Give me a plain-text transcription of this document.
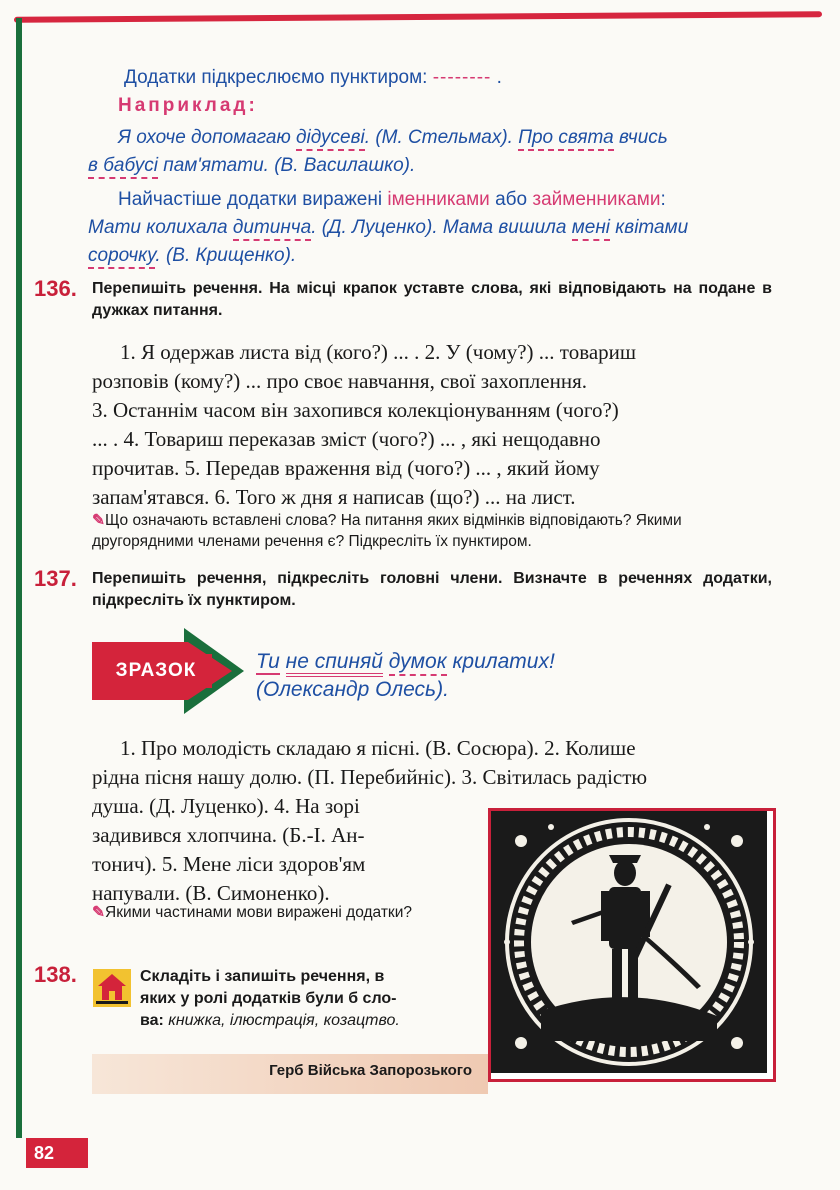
Додатки підкреслюємо пунктиром: -------- .
Наприклад:
Я охоче допомагаю дідусеві. (М. Стельмах). Про свята вчись
в бабусі пам'ятати. (В. Василашко).
Найчастіше додатки виражені іменниками або займенниками:
Мати колихала дитинча. (Д. Луценко). Мама вишила мені квітами
сорочку. (В. Крищенко).
136. Перепишіть речення. На місці крапок уставте слова, які відповідають на подане в дужках питання.
1. Я одержав листа від (кого?) ... . 2. У (чому?) ... товариш
розповів (кому?) ... про своє навчання, свої захоплення.
3. Останнім часом він захопився колекціонуванням (чого?)
... . 4. Товариш переказав зміст (чого?) ... , які нещодавно
прочитав. 5. Передав враження від (чого?) ... , який йому
запам'ятався. 6. Того ж дня я написав (що?) ... на лист.
✎Що означають вставлені слова? На питання яких відмінків відповідають? Якими другорядними членами речення є? Підкресліть їх пунктиром.
137. Перепишіть речення, підкресліть головні члени. Визначте в реченнях додатки, підкресліть їх пунктиром.
ЗРАЗОК	Ти не спиняй думок крилатих!
(Олександр Олесь).
1. Про молодість складаю я пісні. (В. Сосюра). 2. Колише
рідна пісня нашу долю. (П. Перебийніс). 3. Світилась радістю
душа. (Д. Луценко). 4. На зорі
задивився хлопчина. (Б.-І. Ан-
тонич). 5. Мене ліси здоров'ям
напували. (В. Симоненко).
✎Якими частинами мови виражені додатки?
138.	Складіть і запишіть речення, в
яких у ролі додатків були б сло-
ва: книжка, ілюстрація, козацтво.
Герб Війська Запорозького
82
